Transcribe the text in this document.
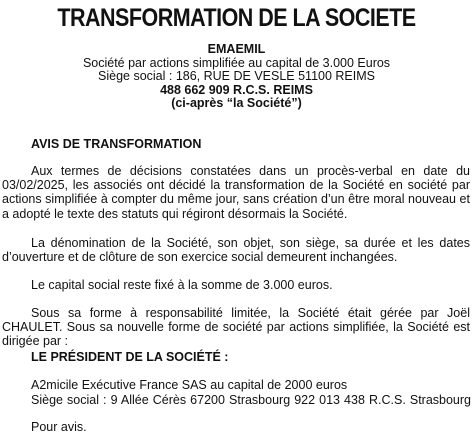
TRANSFORMATION DE LA SOCIETE
EMAEMIL
Société par actions simplifiée au capital de 3.000 Euros
Siège social : 186, RUE DE VESLE 51100 REIMS
488 662 909 R.C.S. REIMS
(ci-après “la Société”)
AVIS DE TRANSFORMATION
Aux termes de décisions constatées dans un procès-verbal en date du 03/02/2025, les associés ont décidé la transformation de la Société en société par actions simplifiée à compter du même jour, sans création d’un être moral nouveau et a adopté le texte des statuts qui régiront désormais la Société.
La dénomination de la Société, son objet, son siège, sa durée et les dates d’ouverture et de clôture de son exercice social demeurent inchangées.
Le capital social reste fixé à la somme de 3.000 euros.
Sous sa forme à responsabilité limitée, la Société était gérée par Joël CHAULET. Sous sa nouvelle forme de société par actions simplifiée, la Société est dirigée par :
LE PRÉSIDENT DE LA SOCIÉTÉ :
A2micile Exécutive France SAS au capital de 2000 euros
Siège social : 9 Allée Cérès 67200 Strasbourg 922 013 438 R.C.S. Strasbourg
Pour avis.
